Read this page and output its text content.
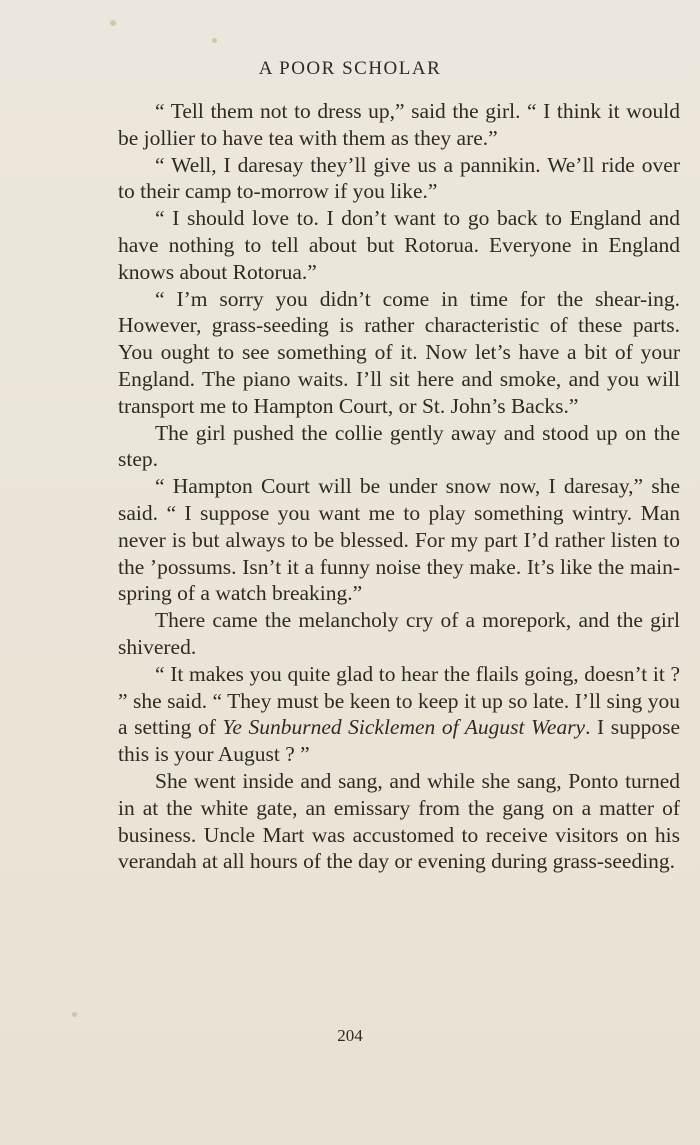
A POOR SCHOLAR

“ Tell them not to dress up,” said the girl. “ I think it would be jollier to have tea with them as they are.”

“ Well, I daresay they’ll give us a pannikin. We’ll ride over to their camp to-morrow if you like.”

“ I should love to. I don’t want to go back to England and have nothing to tell about but Rotorua. Everyone in England knows about Rotorua.”

“ I’m sorry you didn’t come in time for the shear-ing. However, grass-seeding is rather characteristic of these parts. You ought to see something of it. Now let’s have a bit of your England. The piano waits. I’ll sit here and smoke, and you will transport me to Hampton Court, or St. John’s Backs.”

The girl pushed the collie gently away and stood up on the step.

“ Hampton Court will be under snow now, I daresay,” she said. “ I suppose you want me to play something wintry. Man never is but always to be blessed. For my part I’d rather listen to the ’possums. Isn’t it a funny noise they make. It’s like the main-spring of a watch breaking.”

There came the melancholy cry of a morepork, and the girl shivered.

“ It makes you quite glad to hear the flails going, doesn’t it ? ” she said. “ They must be keen to keep it up so late. I’ll sing you a setting of Ye Sunburned Sicklemen of August Weary. I suppose this is your August ? ”

She went inside and sang, and while she sang, Ponto turned in at the white gate, an emissary from the gang on a matter of business. Uncle Mart was accustomed to receive visitors on his verandah at all hours of the day or evening during grass-seeding.

204
